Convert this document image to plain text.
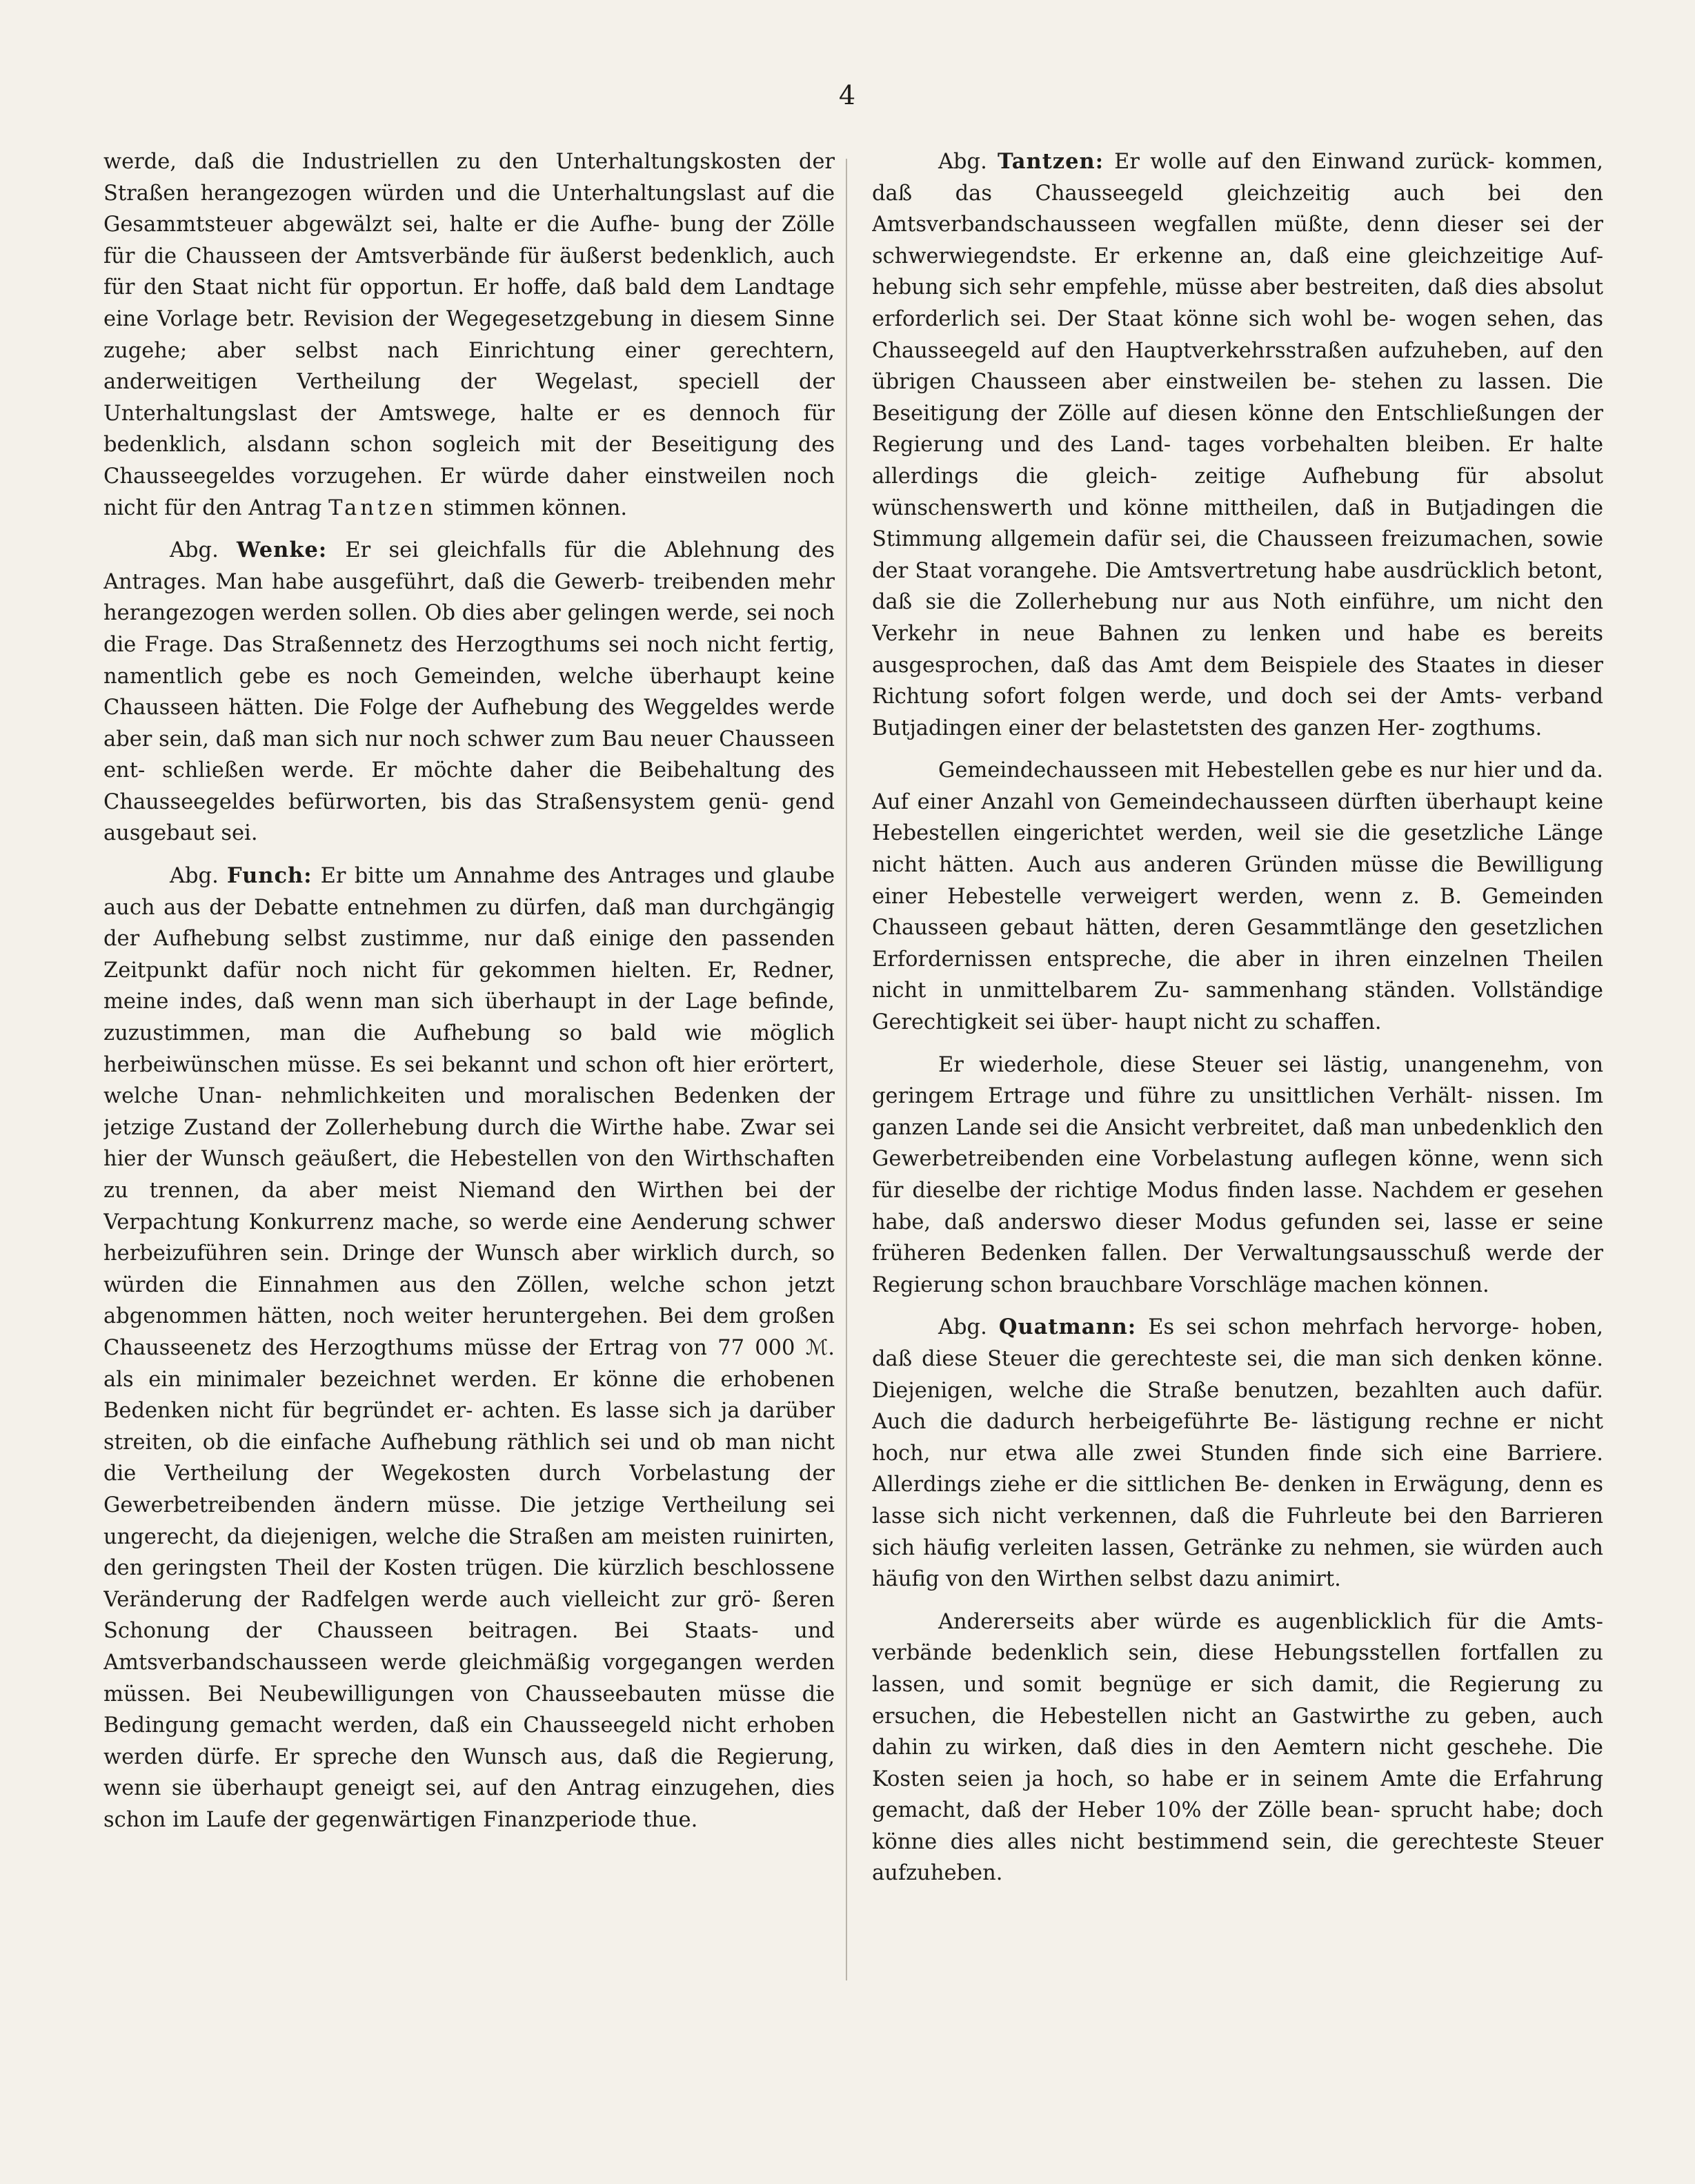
4

werde, daß die Industriellen zu den Unterhaltungskosten der Straßen herangezogen würden und die Unterhaltungslast auf die Gesammtsteuer abgewälzt sei, halte er die Aufhe- bung der Zölle für die Chausseen der Amtsverbände für äußerst bedenklich, auch für den Staat nicht für opportun. Er hoffe, daß bald dem Landtage eine Vorlage betr. Revision der Wegegesetzgebung in diesem Sinne zugehe; aber selbst nach Einrichtung einer gerechtern, anderweitigen Vertheilung der Wegelast, speciell der Unterhaltungslast der Amtswege, halte er es dennoch für bedenklich, alsdann schon sogleich mit der Beseitigung des Chausseegeldes vorzugehen. Er würde daher einstweilen noch nicht für den Antrag Tantzen stimmen können.

Abg. Wenke: Er sei gleichfalls für die Ablehnung des Antrages. Man habe ausgeführt, daß die Gewerb- treibenden mehr herangezogen werden sollen. Ob dies aber gelingen werde, sei noch die Frage. Das Straßennetz des Herzogthums sei noch nicht fertig, namentlich gebe es noch Gemeinden, welche überhaupt keine Chausseen hätten. Die Folge der Aufhebung des Weggeldes werde aber sein, daß man sich nur noch schwer zum Bau neuer Chausseen ent- schließen werde. Er möchte daher die Beibehaltung des Chausseegeldes befürworten, bis das Straßensystem genü- gend ausgebaut sei.

Abg. Funch: Er bitte um Annahme des Antrages und glaube auch aus der Debatte entnehmen zu dürfen, daß man durchgängig der Aufhebung selbst zustimme, nur daß einige den passenden Zeitpunkt dafür noch nicht für gekommen hielten. Er, Redner, meine indes, daß wenn man sich überhaupt in der Lage befinde, zuzustimmen, man die Aufhebung so bald wie möglich herbeiwünschen müsse. Es sei bekannt und schon oft hier erörtert, welche Unan- nehmlichkeiten und moralischen Bedenken der jetzige Zustand der Zollerhebung durch die Wirthe habe. Zwar sei hier der Wunsch geäußert, die Hebestellen von den Wirthschaften zu trennen, da aber meist Niemand den Wirthen bei der Verpachtung Konkurrenz mache, so werde eine Aenderung schwer herbeizuführen sein. Dringe der Wunsch aber wirklich durch, so würden die Einnahmen aus den Zöllen, welche schon jetzt abgenommen hätten, noch weiter heruntergehen. Bei dem großen Chausseenetz des Herzogthums müsse der Ertrag von 77 000 ℳ. als ein minimaler bezeichnet werden. Er könne die erhobenen Bedenken nicht für begründet er- achten. Es lasse sich ja darüber streiten, ob die einfache Aufhebung räthlich sei und ob man nicht die Vertheilung der Wegekosten durch Vorbelastung der Gewerbetreibenden ändern müsse. Die jetzige Vertheilung sei ungerecht, da diejenigen, welche die Straßen am meisten ruinirten, den geringsten Theil der Kosten trügen. Die kürzlich beschlossene Veränderung der Radfelgen werde auch vielleicht zur grö- ßeren Schonung der Chausseen beitragen. Bei Staats- und Amtsverbandschausseen werde gleichmäßig vorgegangen werden müssen. Bei Neubewilligungen von Chausseebauten müsse die Bedingung gemacht werden, daß ein Chausseegeld nicht erhoben werden dürfe. Er spreche den Wunsch aus, daß die Regierung, wenn sie überhaupt geneigt sei, auf den Antrag einzugehen, dies schon im Laufe der gegenwärtigen Finanzperiode thue.

Abg. Tantzen: Er wolle auf den Einwand zurück- kommen, daß das Chausseegeld gleichzeitig auch bei den Amtsverbandschausseen wegfallen müßte, denn dieser sei der schwerwiegendste. Er erkenne an, daß eine gleichzeitige Auf- hebung sich sehr empfehle, müsse aber bestreiten, daß dies absolut erforderlich sei. Der Staat könne sich wohl be- wogen sehen, das Chausseegeld auf den Hauptverkehrsstraßen aufzuheben, auf den übrigen Chausseen aber einstweilen be- stehen zu lassen. Die Beseitigung der Zölle auf diesen könne den Entschließungen der Regierung und des Land- tages vorbehalten bleiben. Er halte allerdings die gleich- zeitige Aufhebung für absolut wünschenswerth und könne mittheilen, daß in Butjadingen die Stimmung allgemein dafür sei, die Chausseen freizumachen, sowie der Staat vorangehe. Die Amtsvertretung habe ausdrücklich betont, daß sie die Zollerhebung nur aus Noth einführe, um nicht den Verkehr in neue Bahnen zu lenken und habe es bereits ausgesprochen, daß das Amt dem Beispiele des Staates in dieser Richtung sofort folgen werde, und doch sei der Amts- verband Butjadingen einer der belastetsten des ganzen Her- zogthums.

Gemeindechausseen mit Hebestellen gebe es nur hier und da. Auf einer Anzahl von Gemeindechausseen dürften überhaupt keine Hebestellen eingerichtet werden, weil sie die gesetzliche Länge nicht hätten. Auch aus anderen Gründen müsse die Bewilligung einer Hebestelle verweigert werden, wenn z. B. Gemeinden Chausseen gebaut hätten, deren Gesammtlänge den gesetzlichen Erfordernissen entspreche, die aber in ihren einzelnen Theilen nicht in unmittelbarem Zu- sammenhang ständen. Vollständige Gerechtigkeit sei über- haupt nicht zu schaffen.

Er wiederhole, diese Steuer sei lästig, unangenehm, von geringem Ertrage und führe zu unsittlichen Verhält- nissen. Im ganzen Lande sei die Ansicht verbreitet, daß man unbedenklich den Gewerbetreibenden eine Vorbelastung auflegen könne, wenn sich für dieselbe der richtige Modus finden lasse. Nachdem er gesehen habe, daß anderswo dieser Modus gefunden sei, lasse er seine früheren Bedenken fallen. Der Verwaltungsausschuß werde der Regierung schon brauchbare Vorschläge machen können.

Abg. Quatmann: Es sei schon mehrfach hervorge- hoben, daß diese Steuer die gerechteste sei, die man sich denken könne. Diejenigen, welche die Straße benutzen, bezahlten auch dafür. Auch die dadurch herbeigeführte Be- lästigung rechne er nicht hoch, nur etwa alle zwei Stunden finde sich eine Barriere. Allerdings ziehe er die sittlichen Be- denken in Erwägung, denn es lasse sich nicht verkennen, daß die Fuhrleute bei den Barrieren sich häufig verleiten lassen, Getränke zu nehmen, sie würden auch häufig von den Wirthen selbst dazu animirt.

Andererseits aber würde es augenblicklich für die Amts- verbände bedenklich sein, diese Hebungsstellen fortfallen zu lassen, und somit begnüge er sich damit, die Regierung zu ersuchen, die Hebestellen nicht an Gastwirthe zu geben, auch dahin zu wirken, daß dies in den Aemtern nicht geschehe. Die Kosten seien ja hoch, so habe er in seinem Amte die Erfahrung gemacht, daß der Heber 10% der Zölle bean- sprucht habe; doch könne dies alles nicht bestimmend sein, die gerechteste Steuer aufzuheben.
